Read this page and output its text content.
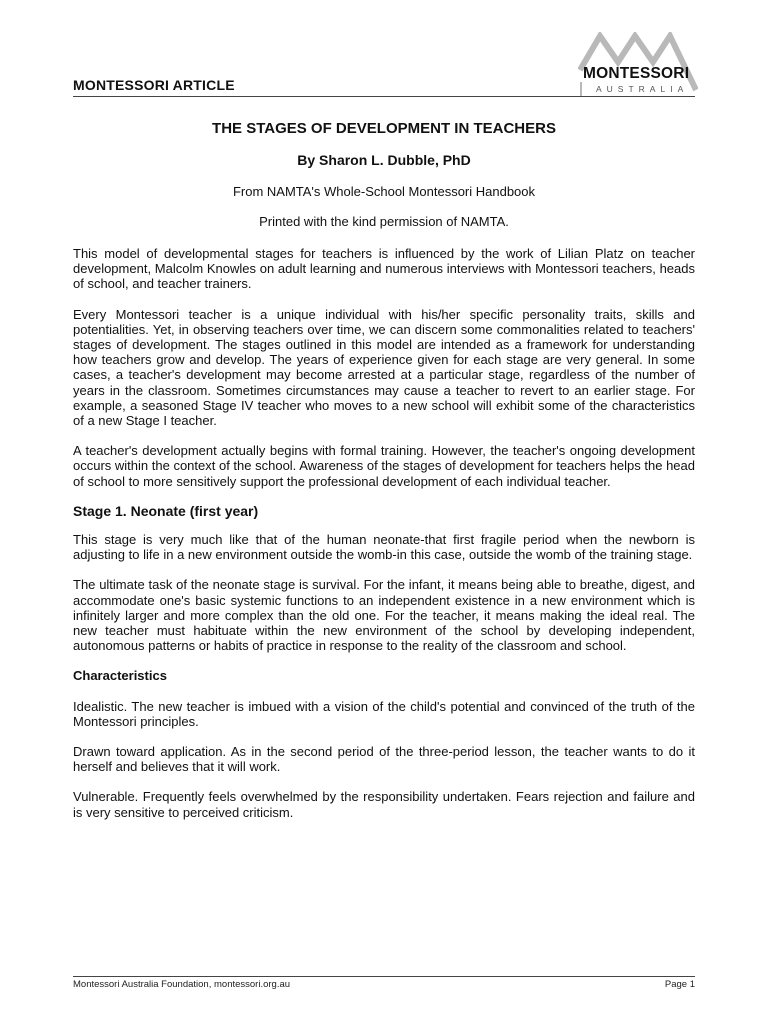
MONTESSORI ARTICLE
MONTESSORI
AUSTRALIA
THE STAGES OF DEVELOPMENT IN TEACHERS
By Sharon L. Dubble, PhD
From NAMTA's Whole-School Montessori Handbook
Printed with the kind permission of NAMTA.

This model of developmental stages for teachers is influenced by the work of Lilian Platz on teacher development, Malcolm Knowles on adult learning and numerous interviews with Montessori teachers, heads of school, and teacher trainers.

Every Montessori teacher is a unique individual with his/her specific personality traits, skills and potentialities. Yet, in observing teachers over time, we can discern some commonalities related to teachers' stages of development. The stages outlined in this model are intended as a framework for understanding how teachers grow and develop. The years of experience given for each stage are very general. In some cases, a teacher's development may become arrested at a particular stage, regardless of the number of years in the classroom. Sometimes circumstances may cause a teacher to revert to an earlier stage. For example, a seasoned Stage IV teacher who moves to a new school will exhibit some of the characteristics of a new Stage I teacher.

A teacher's development actually begins with formal training. However, the teacher's ongoing development occurs within the context of the school. Awareness of the stages of development for teachers helps the head of school to more sensitively support the professional development of each individual teacher.

Stage 1. Neonate (first year)

This stage is very much like that of the human neonate-that first fragile period when the newborn is adjusting to life in a new environment outside the womb-in this case, outside the womb of the training stage.

The ultimate task of the neonate stage is survival. For the infant, it means being able to breathe, digest, and accommodate one's basic systemic functions to an independent existence in a new environment which is infinitely larger and more complex than the old one. For the teacher, it means making the ideal real. The new teacher must habituate within the new environment of the school by developing independent, autonomous patterns or habits of practice in response to the reality of the classroom and school.

Characteristics

Idealistic. The new teacher is imbued with a vision of the child's potential and convinced of the truth of the Montessori principles.

Drawn toward application. As in the second period of the three-period lesson, the teacher wants to do it herself and believes that it will work.

Vulnerable. Frequently feels overwhelmed by the responsibility undertaken. Fears rejection and failure and is very sensitive to perceived criticism.

Montessori Australia Foundation, montessori.org.au	Page 1
